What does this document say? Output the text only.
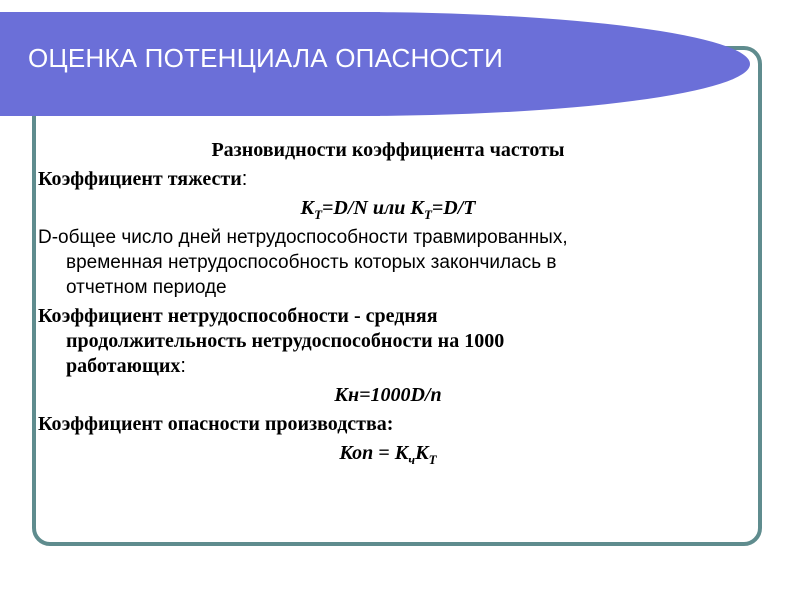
ОЦЕНКА ПОТЕНЦИАЛА ОПАСНОСТИ
Разновидности коэффициента частоты
Коэффициент тяжести:
$К_Т=D/N$ или $К_Т=D/T$
D-общее число дней нетрудоспособности травмированных,
временная нетрудоспособность которых закончилась в
отчетном периоде
Коэффициент нетрудоспособности - средняя
продолжительность нетрудоспособности на 1000
работающих:
Кн=1000D/n
Коэффициент опасности производства:
Коп = $К_чК_Т$
